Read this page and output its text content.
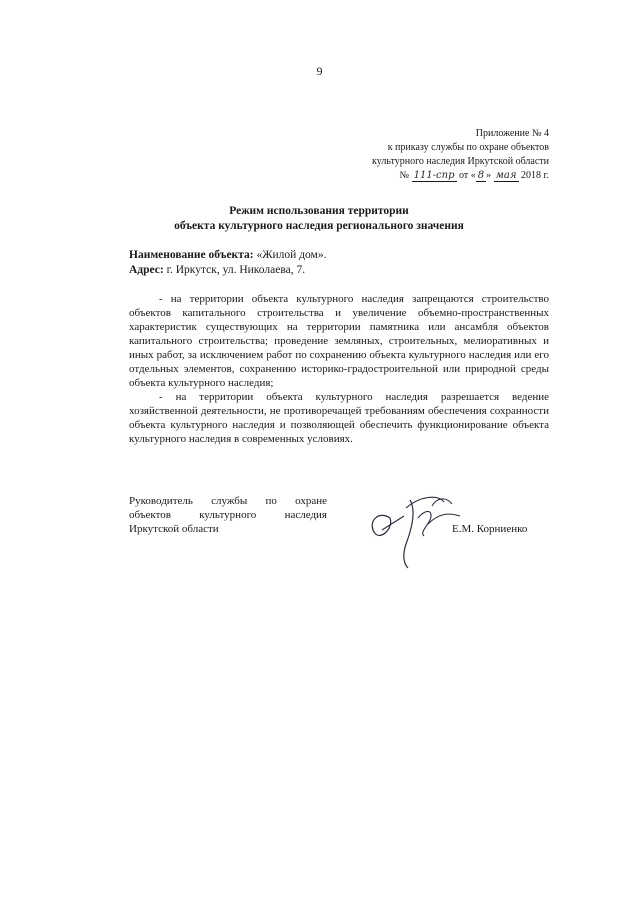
9
Приложение № 4
к приказу службы по охране объектов
культурного наследия Иркутской области
№ 111-спр от « 8 » мая 2018 г.
Режим использования территории
объекта культурного наследия регионального значения
Наименование объекта: «Жилой дом».
Адрес: г. Иркутск, ул. Николаева, 7.

- на территории объекта культурного наследия запрещаются строительство объектов капитального строительства и увеличение объемно-пространственных характеристик существующих на территории памятника или ансамбля объектов капитального строительства; проведение земляных, строительных, мелиоративных и иных работ, за исключением работ по сохранению объекта культурного наследия или его отдельных элементов, сохранению историко-градостроительной или природной среды объекта культурного наследия;

- на территории объекта культурного наследия разрешается ведение хозяйственной деятельности, не противоречащей требованиям обеспечения сохранности объекта культурного наследия и позволяющей обеспечить функционирование объекта культурного наследия в современных условиях.

Руководитель службы по охране
объектов культурного наследия
Иркутской области	Е.М. Корниенко
